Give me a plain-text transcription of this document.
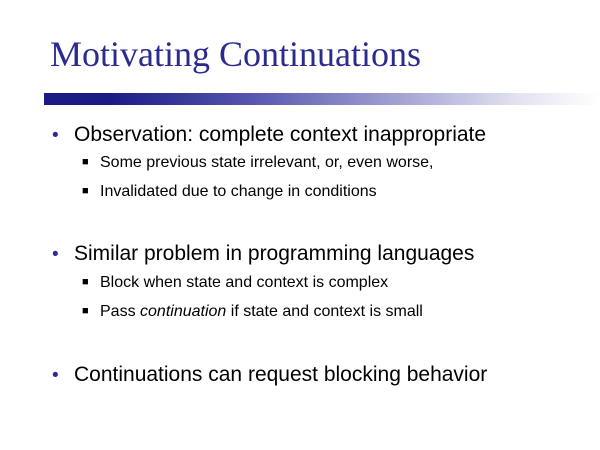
Motivating Continuations
• Observation: complete context inappropriate
■ Some previous state irrelevant, or, even worse,
■ Invalidated due to change in conditions
• Similar problem in programming languages
■ Block when state and context is complex
■ Pass continuation if state and context is small
• Continuations can request blocking behavior
